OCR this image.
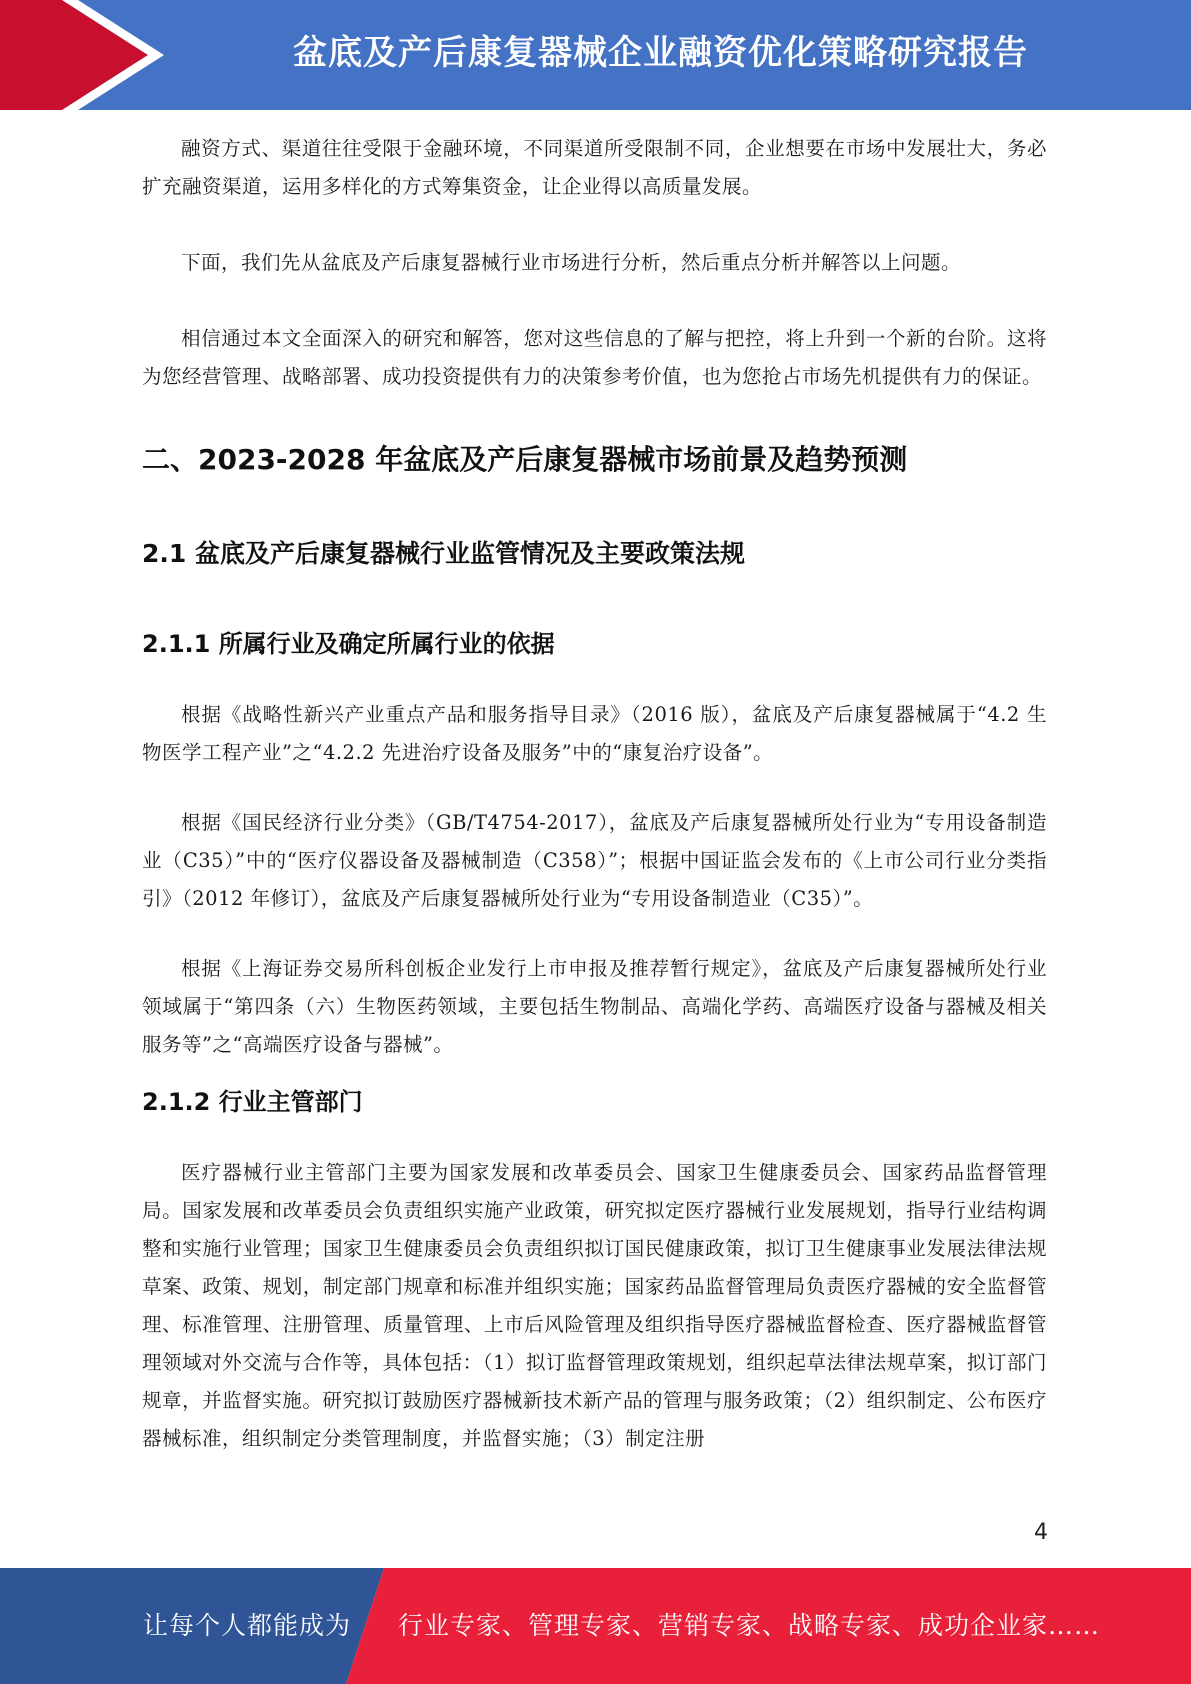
盆底及产后康复器械企业融资优化策略研究报告

融资方式、渠道往往受限于金融环境，不同渠道所受限制不同，企业想要在市场中发展壮大，务必扩充融资渠道，运用多样化的方式筹集资金，让企业得以高质量发展。

下面，我们先从盆底及产后康复器械行业市场进行分析，然后重点分析并解答以上问题。

相信通过本文全面深入的研究和解答，您对这些信息的了解与把控，将上升到一个新的台阶。这将为您经营管理、战略部署、成功投资提供有力的决策参考价值，也为您抢占市场先机提供有力的保证。

二、2023-2028 年盆底及产后康复器械市场前景及趋势预测
2.1 盆底及产后康复器械行业监管情况及主要政策法规
2.1.1 所属行业及确定所属行业的依据

根据《战略性新兴产业重点产品和服务指导目录》（2016 版），盆底及产后康复器械属于“4.2 生物医学工程产业”之“4.2.2 先进治疗设备及服务”中的“康复治疗设备”。

根据《国民经济行业分类》（GB/T4754-2017），盆底及产后康复器械所处行业为“专用设备制造业（C35）”中的“医疗仪器设备及器械制造（C358）”；根据中国证监会发布的《上市公司行业分类指引》（2012 年修订），盆底及产后康复器械所处行业为“专用设备制造业（C35）”。

根据《上海证券交易所科创板企业发行上市申报及推荐暂行规定》，盆底及产后康复器械所处行业领域属于“第四条（六）生物医药领域，主要包括生物制品、高端化学药、高端医疗设备与器械及相关服务等”之“高端医疗设备与器械”。

2.1.2 行业主管部门

医疗器械行业主管部门主要为国家发展和改革委员会、国家卫生健康委员会、国家药品监督管理局。国家发展和改革委员会负责组织实施产业政策，研究拟定医疗器械行业发展规划，指导行业结构调整和实施行业管理；国家卫生健康委员会负责组织拟订国民健康政策，拟订卫生健康事业发展法律法规草案、政策、规划，制定部门规章和标准并组织实施；国家药品监督管理局负责医疗器械的安全监督管理、标准管理、注册管理、质量管理、上市后风险管理及组织指导医疗器械监督检查、医疗器械监督管理领域对外交流与合作等，具体包括：（1）拟订监督管理政策规划，组织起草法律法规草案，拟订部门规章，并监督实施。研究拟订鼓励医疗器械新技术新产品的管理与服务政策；（2）组织制定、公布医疗器械标准，组织制定分类管理制度，并监督实施；（3）制定注册

4
让每个人都能成为 行业专家、管理专家、营销专家、战略专家、成功企业家……
